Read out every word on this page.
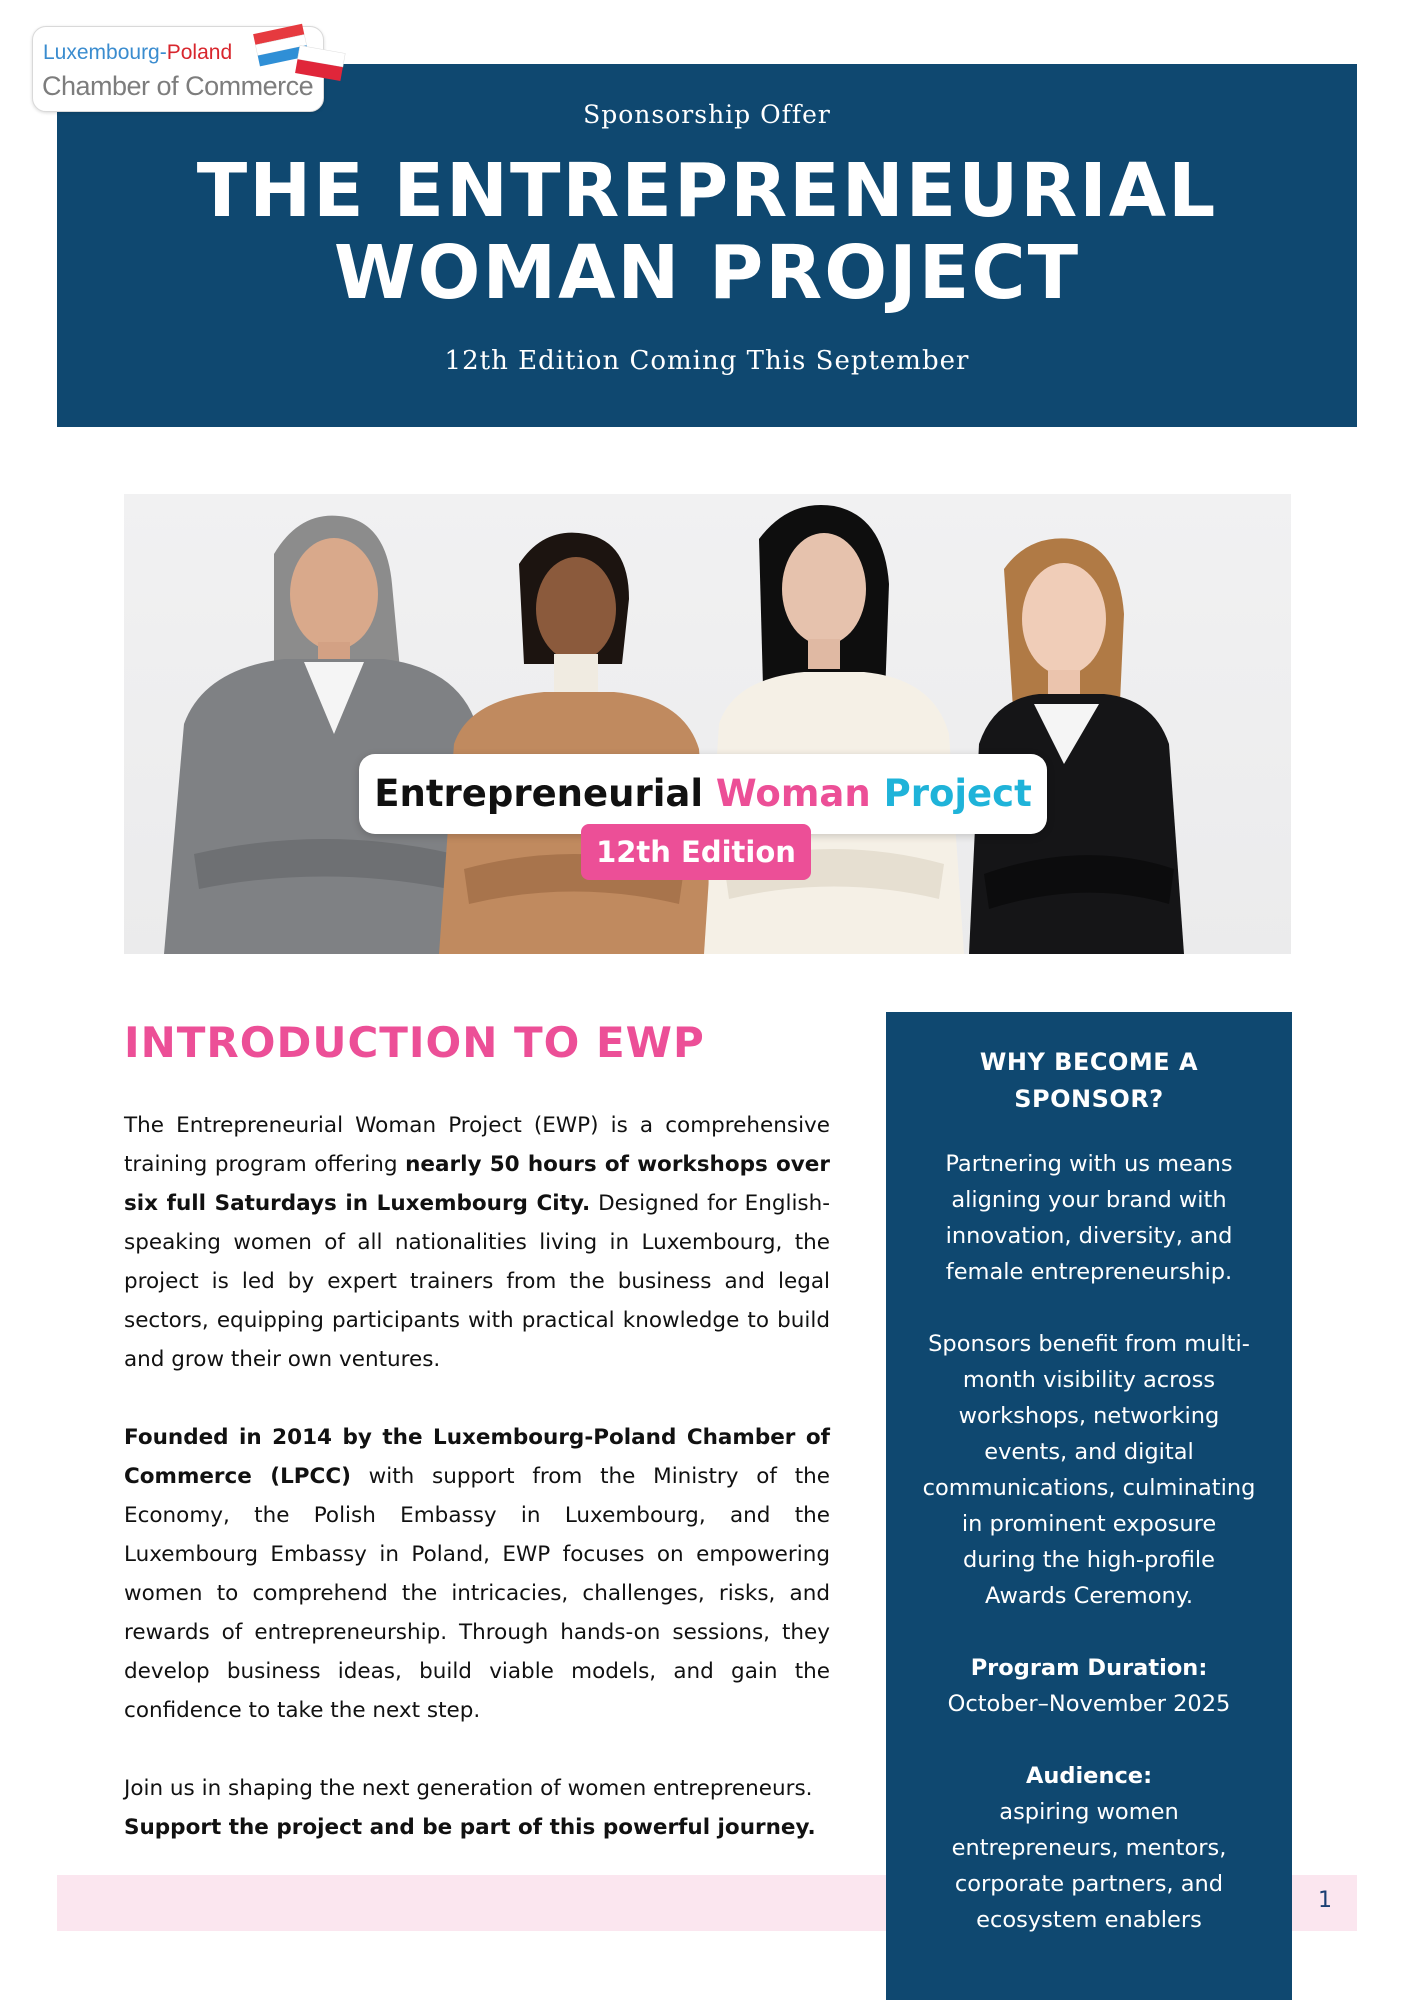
Luxembourg-Poland
Chamber of Commerce
Sponsorship Offer
THE ENTREPRENEURIAL
WOMAN PROJECT
12th Edition Coming This September
Entrepreneurial Woman Project
12th Edition
INTRODUCTION TO EWP

The Entrepreneurial Woman Project (EWP) is a comprehensive training program offering nearly 50 hours of workshops over six full Saturdays in Luxembourg City. Designed for English-speaking women of all nationalities living in Luxembourg, the project is led by expert trainers from the business and legal sectors, equipping participants with practical knowledge to build and grow their own ventures.

Founded in 2014 by the Luxembourg-Poland Chamber of Commerce (LPCC) with support from the Ministry of the Economy, the Polish Embassy in Luxembourg, and the Luxembourg Embassy in Poland, EWP focuses on empowering women to comprehend the intricacies, challenges, risks, and rewards of entrepreneurship. Through hands-on sessions, they develop business ideas, build viable models, and gain the confidence to take the next step.

Join us in shaping the next generation of women entrepreneurs.
Support the project and be part of this powerful journey.

1
WHY BECOME A SPONSOR?

Partnering with us means aligning your brand with innovation, diversity, and female entrepreneurship.

Sponsors benefit from multi-month visibility across workshops, networking events, and digital communications, culminating in prominent exposure during the high-profile Awards Ceremony.

Program Duration:
October–November 2025

Audience:
aspiring women entrepreneurs, mentors, corporate partners, and ecosystem enablers
